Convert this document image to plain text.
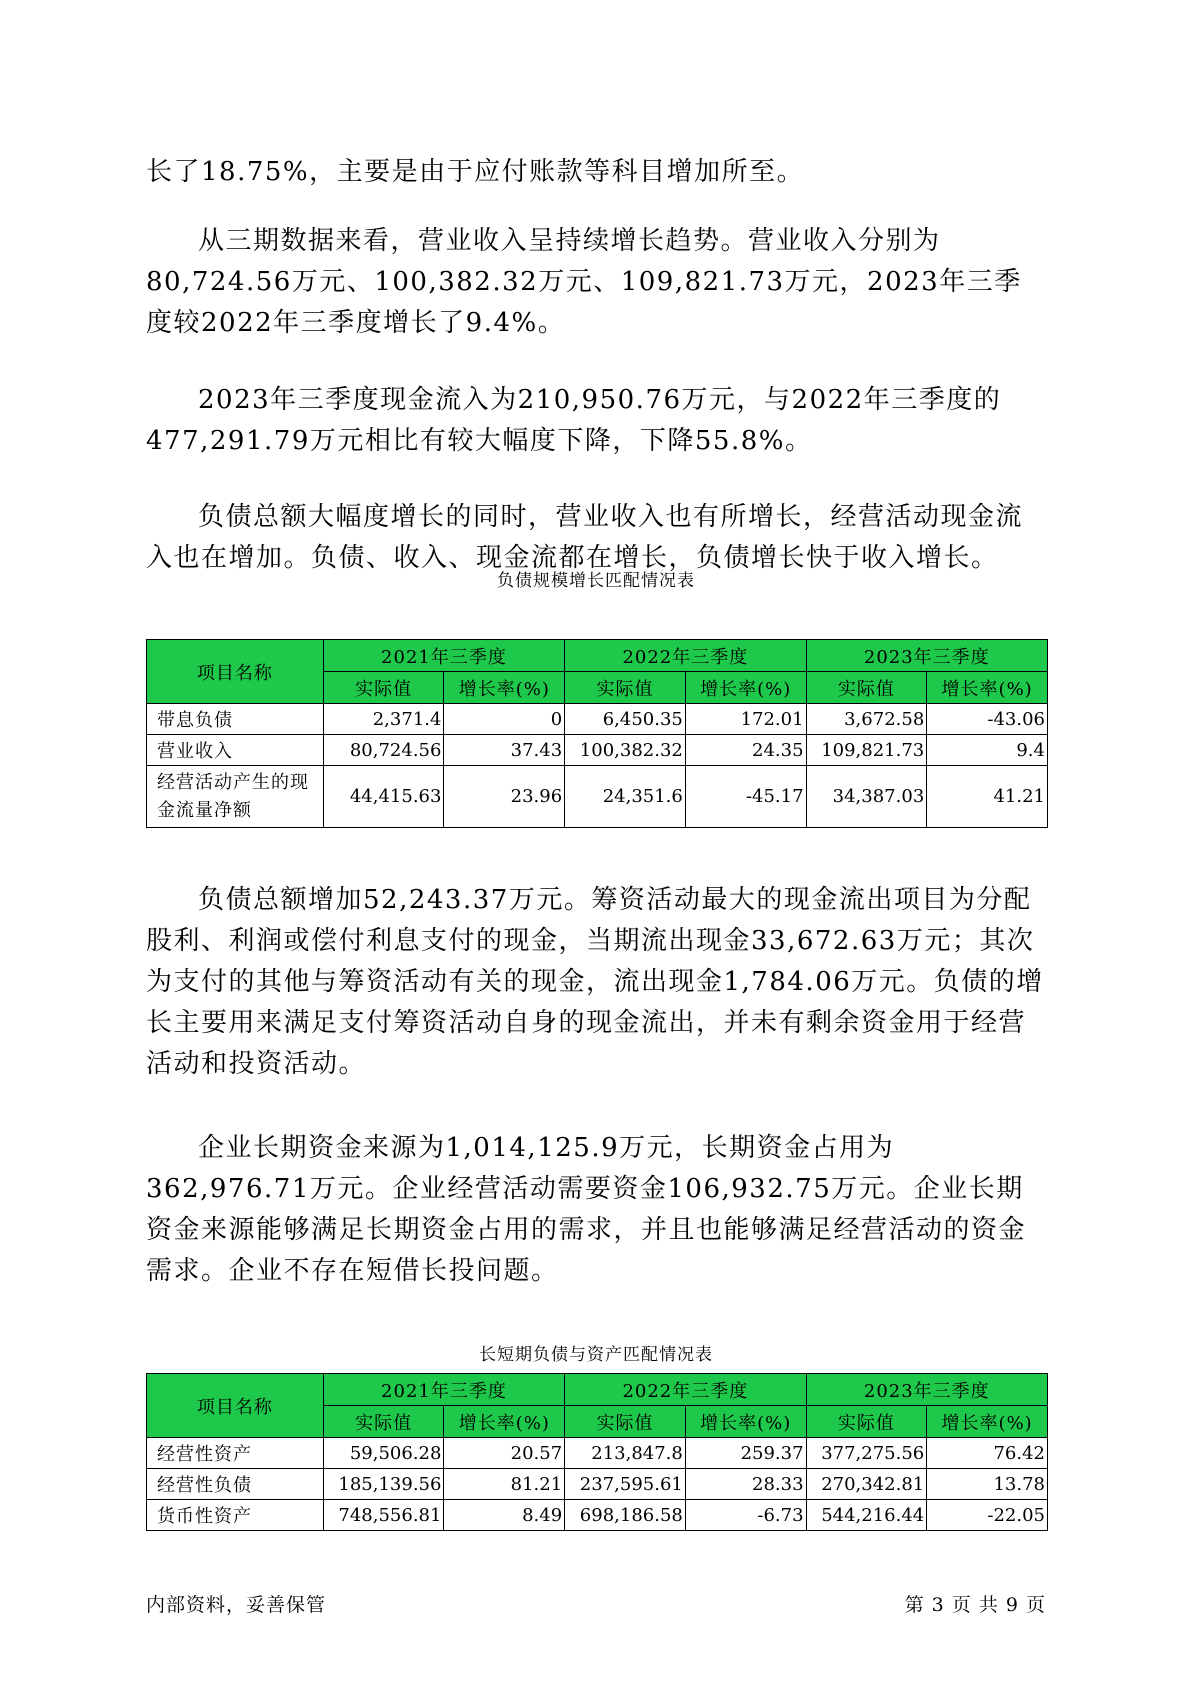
长了18.75%，主要是由于应付账款等科目增加所至。

从三期数据来看，营业收入呈持续增长趋势。营业收入分别为80,724.56万元、100,382.32万元、109,821.73万元，2023年三季度较2022年三季度增长了9.4%。

2023年三季度现金流入为210,950.76万元，与2022年三季度的477,291.79万元相比有较大幅度下降，下降55.8%。

负债总额大幅度增长的同时，营业收入也有所增长，经营活动现金流入也在增加。负债、收入、现金流都在增长，负债增长快于收入增长。

负债规模增长匹配情况表
项目名称	2021年三季度		2022年三季度		2023年三季度	
	实际值	增长率(%)	实际值	增长率(%)	实际值	增长率(%)
带息负债	2,371.4	0	6,450.35	172.01	3,672.58	-43.06
营业收入	80,724.56	37.43	100,382.32	24.35	109,821.73	9.4
经营活动产生的现金流量净额	44,415.63	23.96	24,351.6	-45.17	34,387.03	41.21

负债总额增加52,243.37万元。筹资活动最大的现金流出项目为分配股利、利润或偿付利息支付的现金，当期流出现金33,672.63万元；其次为支付的其他与筹资活动有关的现金，流出现金1,784.06万元。负债的增长主要用来满足支付筹资活动自身的现金流出，并未有剩余资金用于经营活动和投资活动。

企业长期资金来源为1,014,125.9万元，长期资金占用为362,976.71万元。企业经营活动需要资金106,932.75万元。企业长期资金来源能够满足长期资金占用的需求，并且也能够满足经营活动的资金需求。企业不存在短借长投问题。

长短期负债与资产匹配情况表
项目名称	2021年三季度		2022年三季度		2023年三季度	
	实际值	增长率(%)	实际值	增长率(%)	实际值	增长率(%)
经营性资产	59,506.28	20.57	213,847.8	259.37	377,275.56	76.42
经营性负债	185,139.56	81.21	237,595.61	28.33	270,342.81	13.78
货币性资产	748,556.81	8.49	698,186.58	-6.73	544,216.44	-22.05
内部资料，妥善保管	第 3 页 共 9 页
